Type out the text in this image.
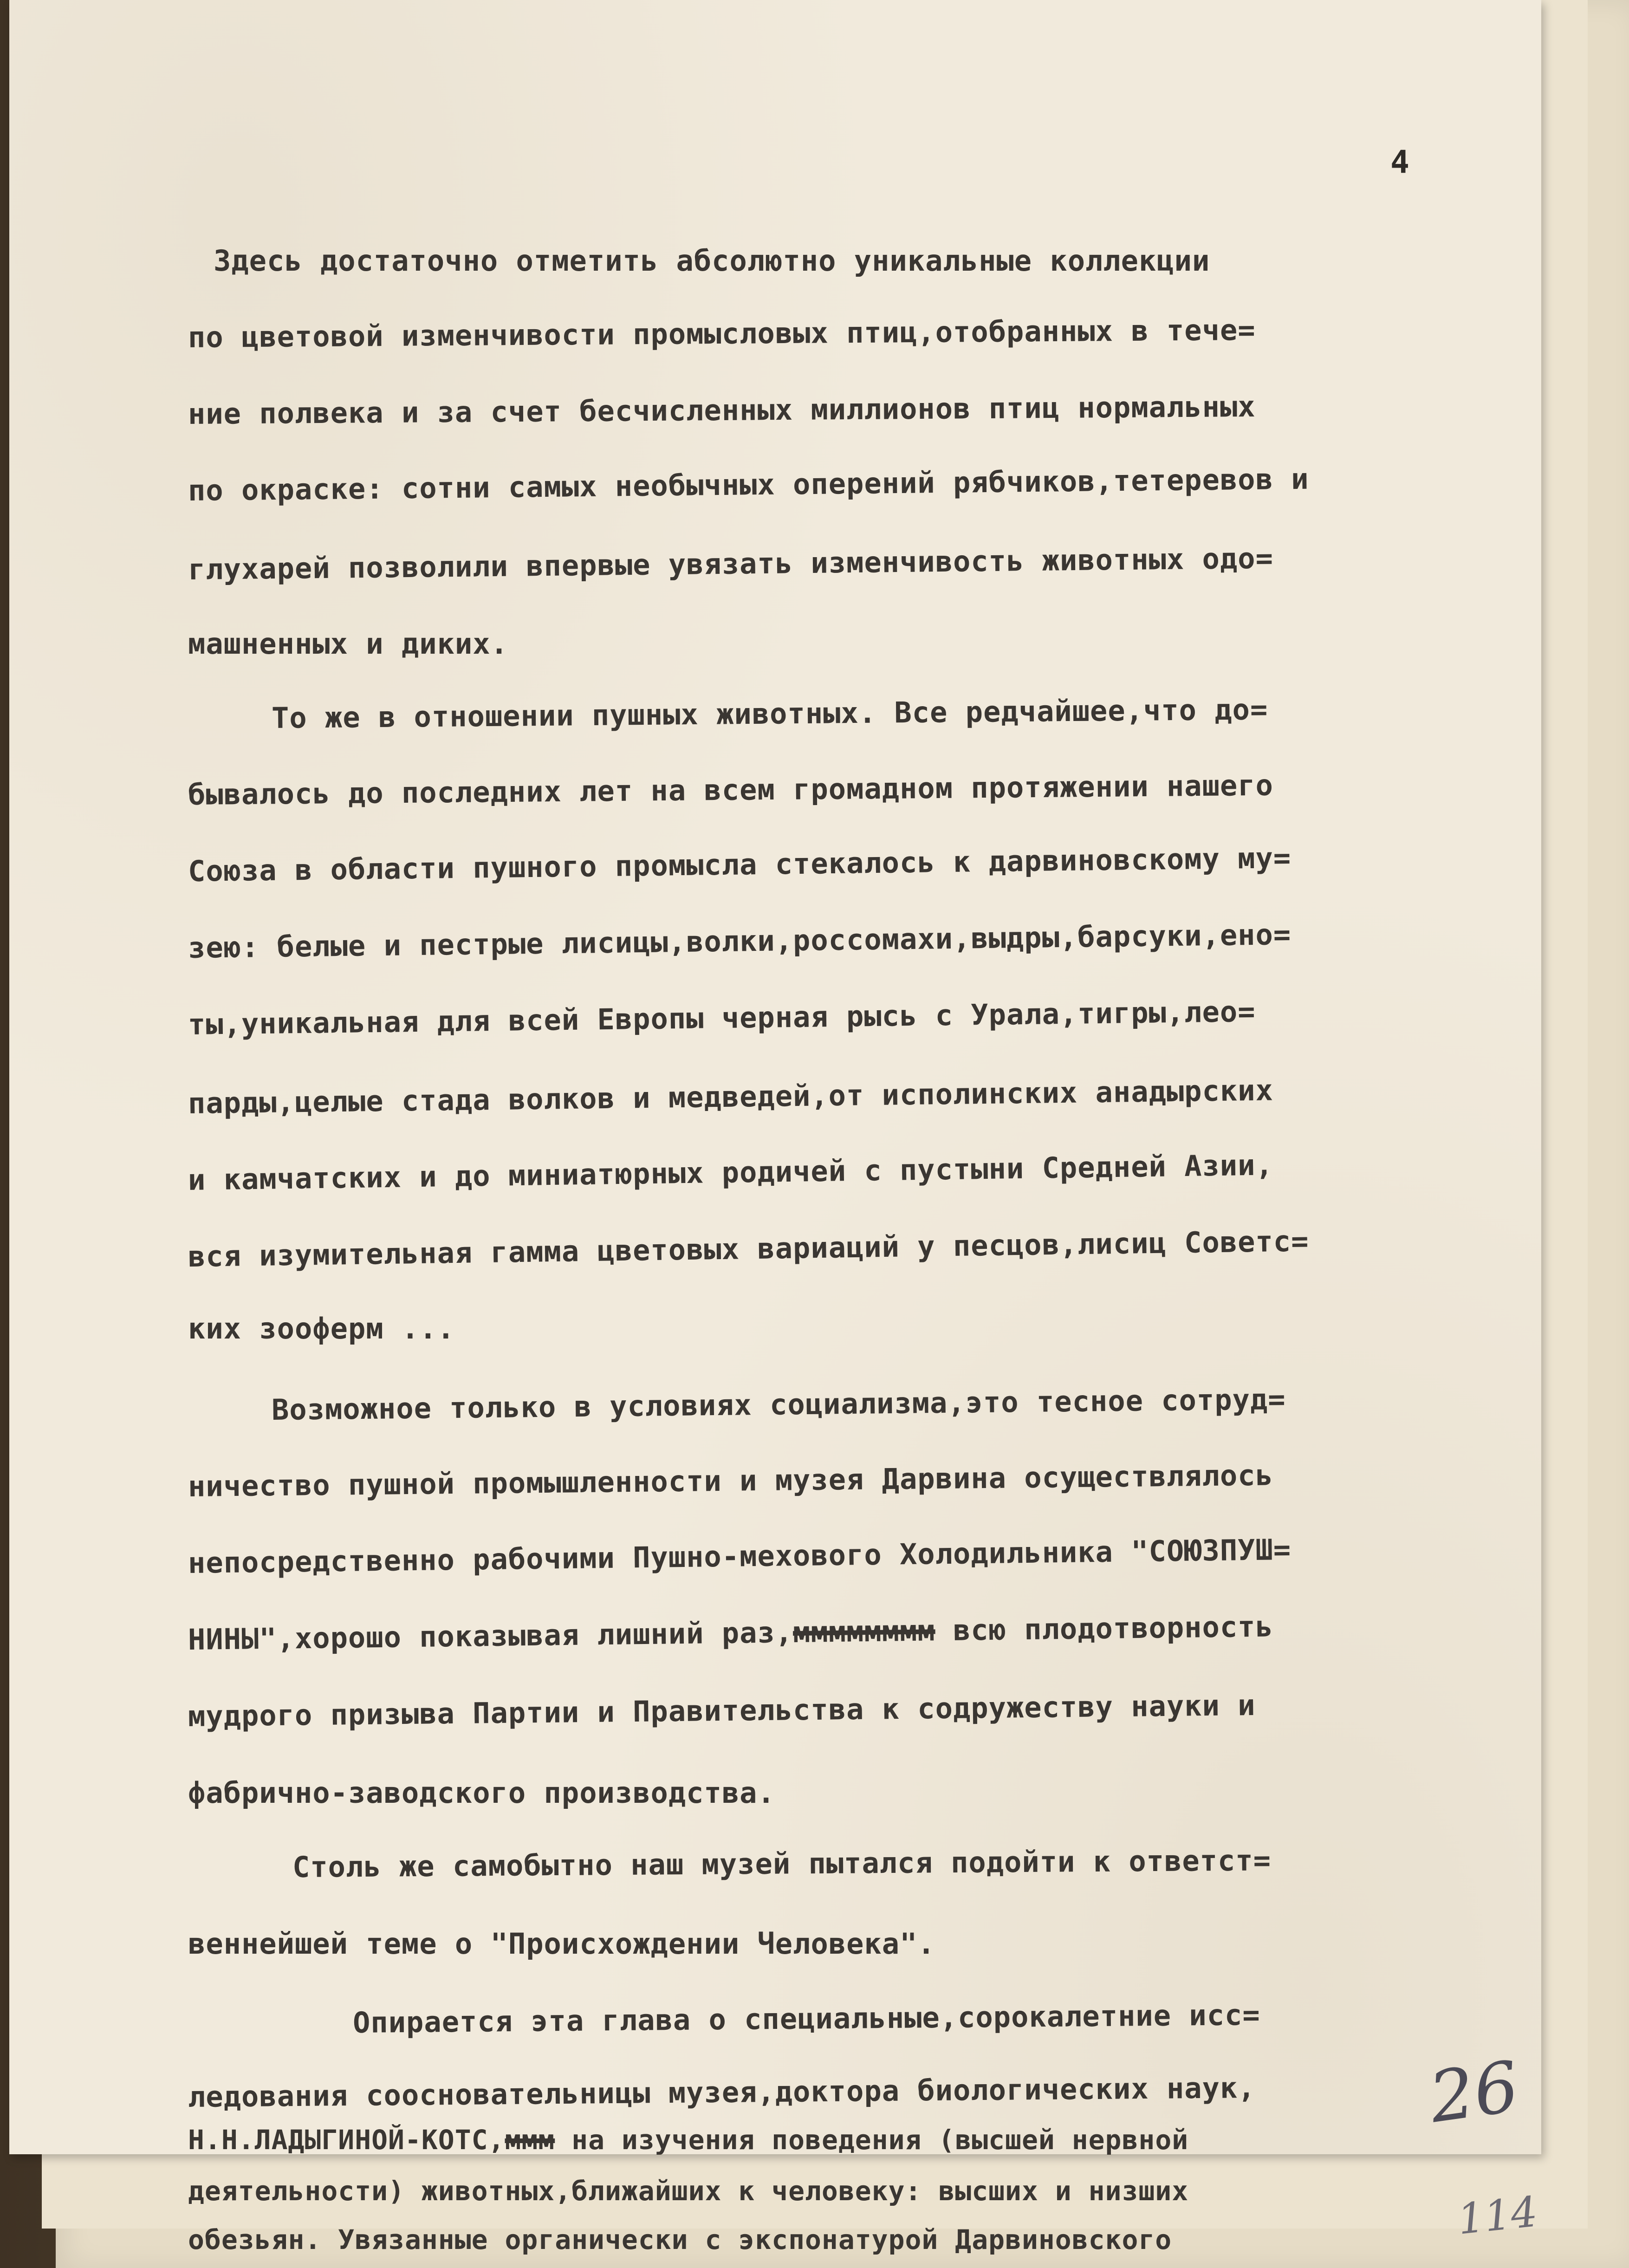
4
Здесь достаточно отметить абсолютно уникальные коллекции
по цветовой изменчивости промысловых птиц,отобранных в тече=
ние полвека и за счет бесчисленных миллионов птиц нормальных
по окраске: сотни самых необычных оперений рябчиков,тетеревов и
глухарей позволили впервые увязать изменчивость животных одо=
машненных и диких.
То же в отношении пушных животных. Все редчайшее,что до=
бывалось до последних лет на всем громадном протяжении нашего
Союза в области пушного промысла стекалось к дарвиновскому му=
зею: белые и пестрые лисицы,волки,россомахи,выдры,барсуки,ено=
ты,уникальная для всей Европы черная рысь с Урала,тигры,лео=
парды,целые стада волков и медведей,от исполинских анадырских
и камчатских и до миниатюрных родичей с пустыни Средней Азии,
вся изумительная гамма цветовых вариаций у песцов,лисиц Советс=
ких зооферм ...
Возможное только в условиях социализма,это тесное сотруд=
ничество пушной промышленности и музея Дарвина осуществлялось
непосредственно рабочими Пушно-мехового Холодильника "СОЮЗПУШ=
НИНЫ",хорошо показывая лишний раз,мммммммм всю плодотворность
мудрого призыва Партии и Правительства к содружеству науки и
фабрично-заводского производства.
Столь же самобытно наш музей пытался подойти к ответст=
веннейшей теме о "Происхождении Человека".
Опирается эта глава о специальные,сорокалетние исс=
ледования соосновательницы музея,доктора биологических наук,
Н.Н.ЛАДЫГИНОЙ-КОТС,ммм на изучения поведения (высшей нервной
деятельности) животных,ближайших к человеку: высших и низших
обезьян. Увязанные органически с экспонатурой Дарвиновского
26
114
